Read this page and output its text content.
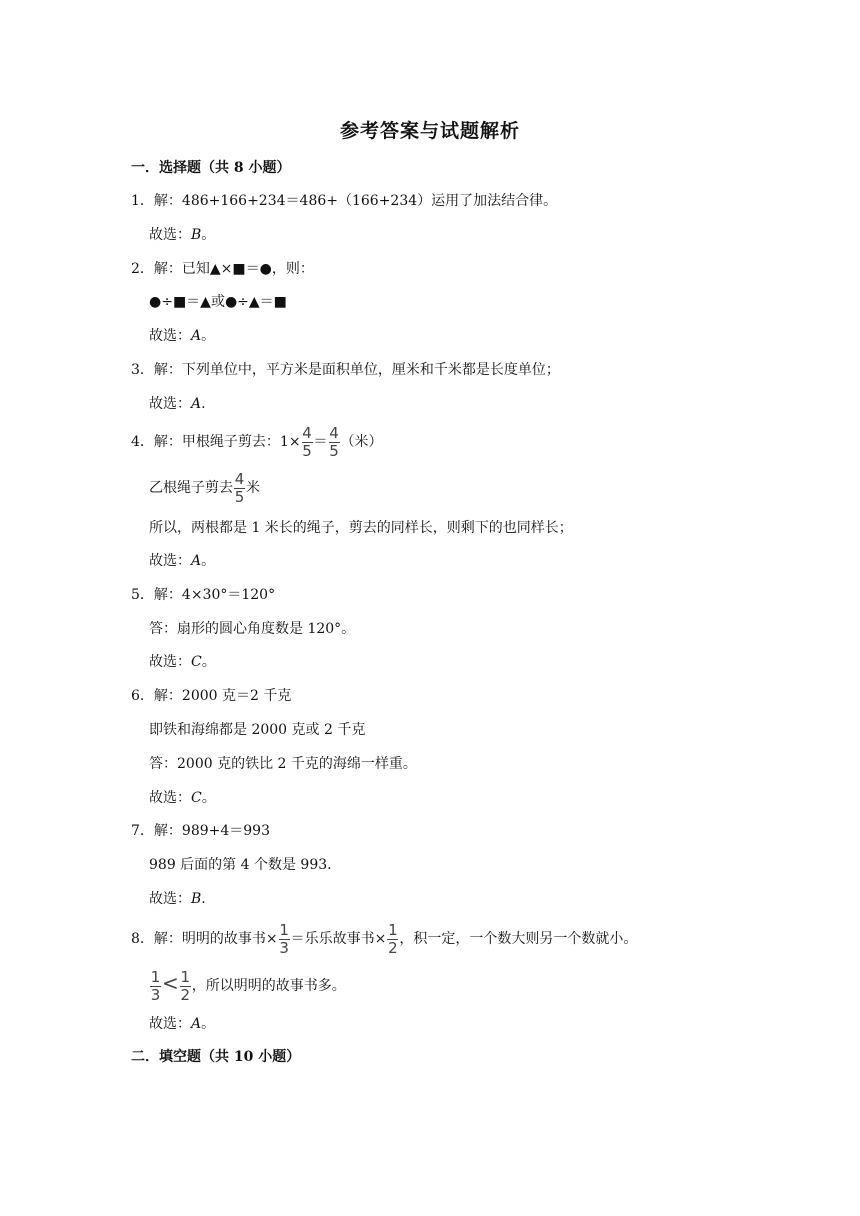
参考答案与试题解析
一．选择题（共 8 小题）
1．解：486+166+234＝486+（166+234）运用了加法结合律。
故选：B。
2．解：已知▲×■＝●，则：
●÷■＝▲或●÷▲＝■
故选：A。
3．解：下列单位中，平方米是面积单位，厘米和千米都是长度单位；
故选：A.
4．解：甲根绳子剪去：$1\times \frac{4}{5} = \frac{4}{5}$ （米）
乙根绳子剪去 $\frac{4}{5}$ 米
所以，两根都是 1 米长的绳子，剪去的同样长，则剩下的也同样长；
故选：A。
5．解：4×30°＝120°
答：扇形的圆心角度数是 120°。
故选：C。
6．解：2000 克＝2 千克
即铁和海绵都是 2000 克或 2 千克
答：2000 克的铁比 2 千克的海绵一样重。
故选：C。
7．解：989+4＝993
989 后面的第 4 个数是 993.
故选：B.
8．解：明明的故事书× $\frac{1}{3}$ ＝乐乐故事书× $\frac{1}{2}$ ，积一定，一个数大则另一个数就小。
$\frac{1}{3} < \frac{1}{2}$ ，所以明明的故事书多。
故选：A。
二．填空题（共 10 小题）
